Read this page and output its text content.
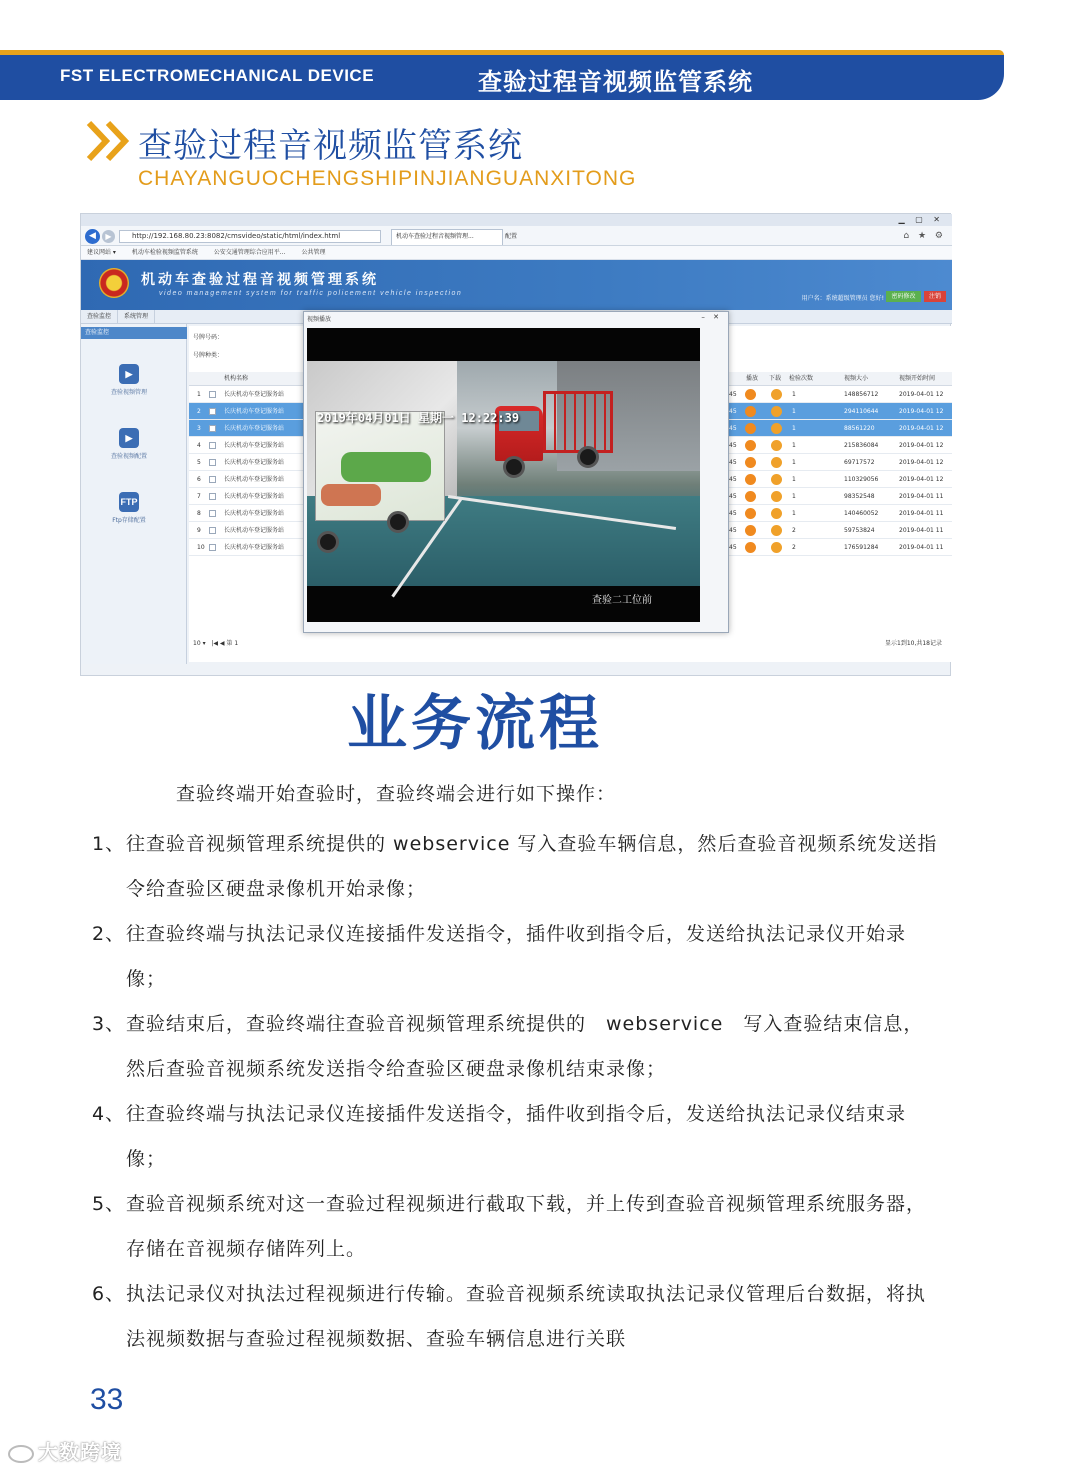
FST ELECTROMECHANICAL DEVICE	查验过程音视频监管系统
查验过程音视频监管系统
CHAYANGUOCHENGSHIPINJIANGUANXITONG
▁ ▢ ✕
◀	▶	http://192.168.80.23:8082/cmsvideo/static/html/index.html	机动车查验过程音视频管理...	配置	⌂ ★ ⚙
建议网站 ▾	机动车检验视频监管系统	公安交通管理综合应用平...	公共管理
机动车查验过程音视频管理系统
video management system for traffic policement vehicle inspection
用户名：系统超级管理员 您好!	密码修改	注销
查验监控 系统管理
查验监控
▶
查验视频管理
▶
查验视频配置
FTP
Ftp存储配置
号牌号码：
号牌种类：
机构名称	播放 下载 检验次数	视频大小	视频开始时间
1	长庆机动车登记服务站	45	1	148856712	2019-04-01 12
2	长庆机动车登记服务站	45	1	294110644	2019-04-01 12
3	长庆机动车登记服务站	45	1	88561220	2019-04-01 12
4	长庆机动车登记服务站	45	1	215836084	2019-04-01 12
5	长庆机动车登记服务站	45	1	69717572	2019-04-01 12
6	长庆机动车登记服务站	45	1	110329056	2019-04-01 12
7	长庆机动车登记服务站	45	1	98352548	2019-04-01 11
8	长庆机动车登记服务站	45	1	140460052	2019-04-01 11
9	长庆机动车登记服务站	45	2	59753824	2019-04-01 11
10	长庆机动车登记服务站	45	2	176591284	2019-04-01 11
10 ▾   |◀ ◀ 第 1	显示1到10,共18记录
视频播放	– ✕
2019年04月01日 星期一 12:22:39
查验二工位前
业务流程
查验终端开始查验时，查验终端会进行如下操作：
1、 往查验音视频管理系统提供的 webservice 写入查验车辆信息，然后查验音视频系统发送指令给查验区硬盘录像机开始录像；
2、 往查验终端与执法记录仪连接插件发送指令，插件收到指令后，发送给执法记录仪开始录像；
3、 查验结束后，查验终端往查验音视频管理系统提供的　webservice　写入查验结束信息，然后查验音视频系统发送指令给查验区硬盘录像机结束录像；
4、 往查验终端与执法记录仪连接插件发送指令，插件收到指令后，发送给执法记录仪结束录像；
5、 查验音视频系统对这一查验过程视频进行截取下载，并上传到查验音视频管理系统服务器，存储在音视频存储阵列上。
6、 执法记录仪对执法过程视频进行传输。查验音视频系统读取执法记录仪管理后台数据，将执法视频数据与查验过程视频数据、查验车辆信息进行关联
33
大数跨境
